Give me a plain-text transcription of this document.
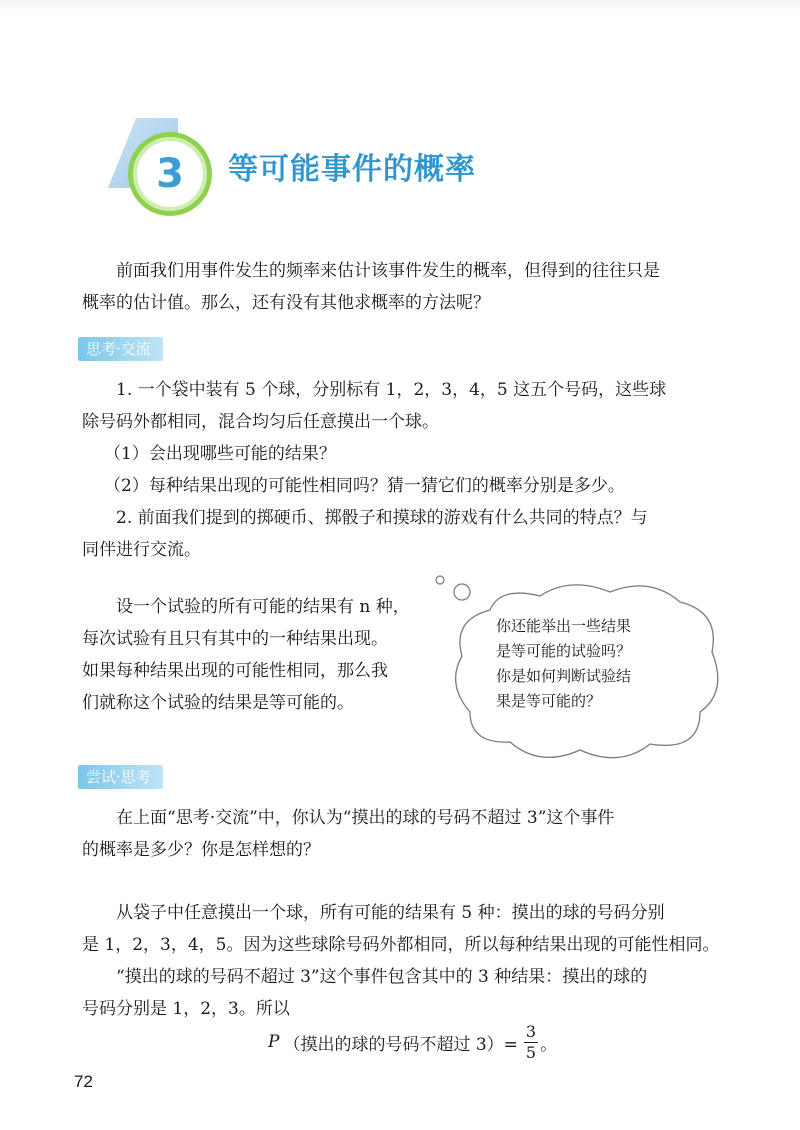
3 等可能事件的概率
前面我们用事件发生的频率来估计该事件发生的概率，但得到的往往只是
概率的估计值。那么，还有没有其他求概率的方法呢？
思考·交流
1. 一个袋中装有 5 个球，分别标有 1，2，3，4，5 这五个号码，这些球
除号码外都相同，混合均匀后任意摸出一个球。
（1）会出现哪些可能的结果？
（2）每种结果出现的可能性相同吗？猜一猜它们的概率分别是多少。
2. 前面我们提到的掷硬币、掷骰子和摸球的游戏有什么共同的特点？与
同伴进行交流。
设一个试验的所有可能的结果有 n 种，
每次试验有且只有其中的一种结果出现。
如果每种结果出现的可能性相同，那么我
们就称这个试验的结果是等可能的。
你还能举出一些结果
是等可能的试验吗？
你是如何判断试验结
果是等可能的？
尝试·思考
在上面“思考·交流”中，你认为“摸出的球的号码不超过 3”这个事件
的概率是多少？你是怎样想的？
从袋子中任意摸出一个球，所有可能的结果有 5 种：摸出的球的号码分别
是 1，2，3，4，5。因为这些球除号码外都相同，所以每种结果出现的可能性相同。
“摸出的球的号码不超过 3”这个事件包含其中的 3 种结果：摸出的球的
号码分别是 1，2，3。所以
P （摸出的球的号码不超过 $3)= \frac{3}{5}$ 。
72
